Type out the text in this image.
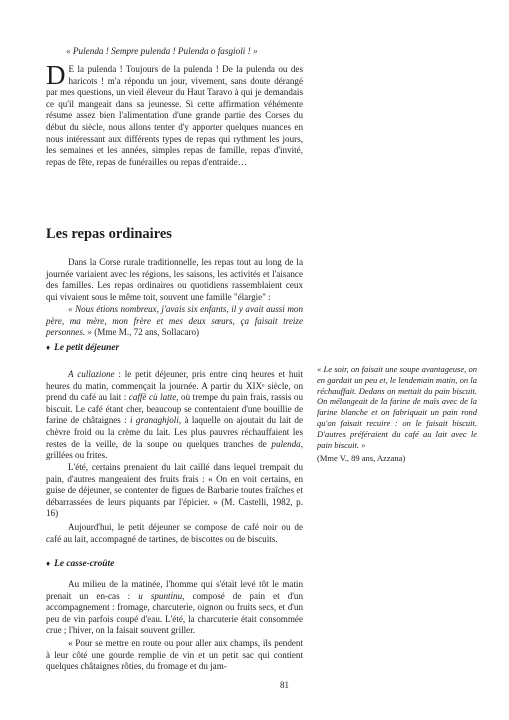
« Pulenda ! Sempre pulenda ! Pulenda o fasgioli ! »

D E la pulenda ! Toujours de la pulenda ! De la pulenda ou des haricots ! m'a répondu un jour, vivement, sans doute dérangé par mes questions, un vieil éleveur du Haut Taravo à qui je demandais ce qu'il mangeait dans sa jeunesse. Si cette affirmation véhémente résume assez bien l'alimentation d'une grande partie des Corses du début du siècle, nous allons tenter d'y apporter quelques nuances en nous intéressant aux différents types de repas qui rythment les jours, les semaines et les années, simples repas de famille, repas d'invité, repas de fête, repas de funérailles ou repas d'entraide…

Les repas ordinaires

Dans la Corse rurale traditionnelle, les repas tout au long de la journée variaient avec les régions, les saisons, les activités et l'aisance des familles. Les repas ordinaires ou quotidiens rassemblaient ceux qui vivaient sous le même toit, souvent une famille "élargie" :

« Nous étions nombreux, j'avais six enfants, il y avait aussi mon père, ma mère, mon frère et mes deux sœurs, ça faisait treize personnes. » (Mme M., 72 ans, Sollacaro)

♦ Le petit déjeuner

A cullazione : le petit déjeuner, pris entre cinq heures et huit heures du matin, commençait la journée. A partir du XIXᵉ siècle, on prend du café au lait : caffè cù latte, où trempe du pain frais, rassis ou biscuit. Le café étant cher, beaucoup se contentaient d'une bouillie de farine de châtaignes : i granaghjoli, à laquelle on ajoutait du lait de chèvre froid ou la crème du lait. Les plus pauvres réchauffaient les restes de la veille, de la soupe ou quelques tranches de pulenda, grillées ou frites.

L'été, certains prenaient du lait caillé dans lequel trempait du pain, d'autres mangeaient des fruits frais : « On en voit certains, en guise de déjeuner, se contenter de figues de Barbarie toutes fraîches et débarrassées de leurs piquants par l'épicier. » (M. Castelli, 1982, p. 16)

Aujourd'hui, le petit déjeuner se compose de café noir ou de café au lait, accompagné de tartines, de biscottes ou de biscuits.

♦ Le casse-croûte

Au milieu de la matinée, l'homme qui s'était levé tôt le matin prenait un en-cas : u spuntinu, composé de pain et d'un accompagnement : fromage, charcuterie, oignon ou fruits secs, et d'un peu de vin parfois coupé d'eau. L'été, la charcuterie était consommée crue ; l'hiver, on la faisait souvent griller.

« Pour se mettre en route ou pour aller aux champs, ils pendent à leur côté une gourde remplie de vin et un petit sac qui contient quelques châtaignes rôties, du fromage et du jam-

« Le soir, on faisait une soupe avantageuse, on en gardait un peu et, le lendemain matin, on la réchauffait. Dedans on mettait du pain biscuit. On mélangeait de la farine de maïs avec de la farine blanche et on fabriquait un pain rond qu'on faisait recuire : on le faisait biscuit. D'autres préféraient du café au lait avec le pain biscuit. »

(Mme V., 89 ans, Azzana)

81
